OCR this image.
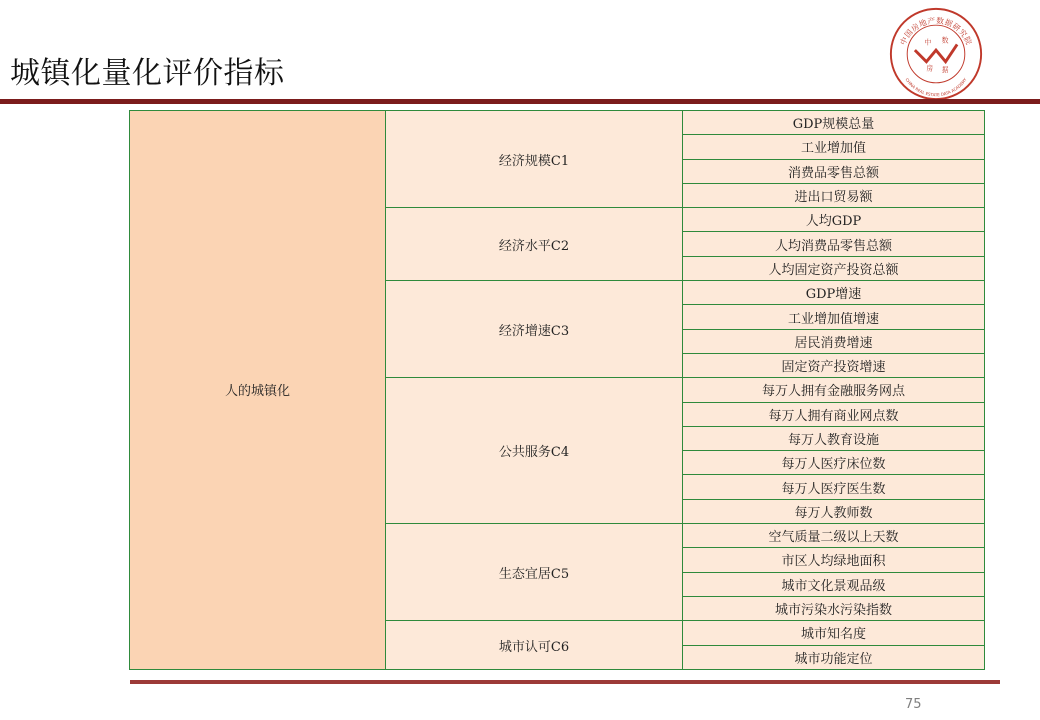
城镇化量化评价指标
中国房地产数据研究院
CHINA REAL ESTATE DATA ACADEMY
中 数
房 据
人的城镇化	经济规模C1	GDP规模总量
		工业增加值
		消费品零售总额
		进出口贸易额
	经济水平C2	人均GDP
		人均消费品零售总额
		人均固定资产投资总额
	经济增速C3	GDP增速
		工业增加值增速
		居民消费增速
		固定资产投资增速
	公共服务C4	每万人拥有金融服务网点
		每万人拥有商业网点数
		每万人教育设施
		每万人医疗床位数
		每万人医疗医生数
		每万人教师数
	生态宜居C5	空气质量二级以上天数
		市区人均绿地面积
		城市文化景观品级
		城市污染水污染指数
	城市认可C6	城市知名度
		城市功能定位
75
